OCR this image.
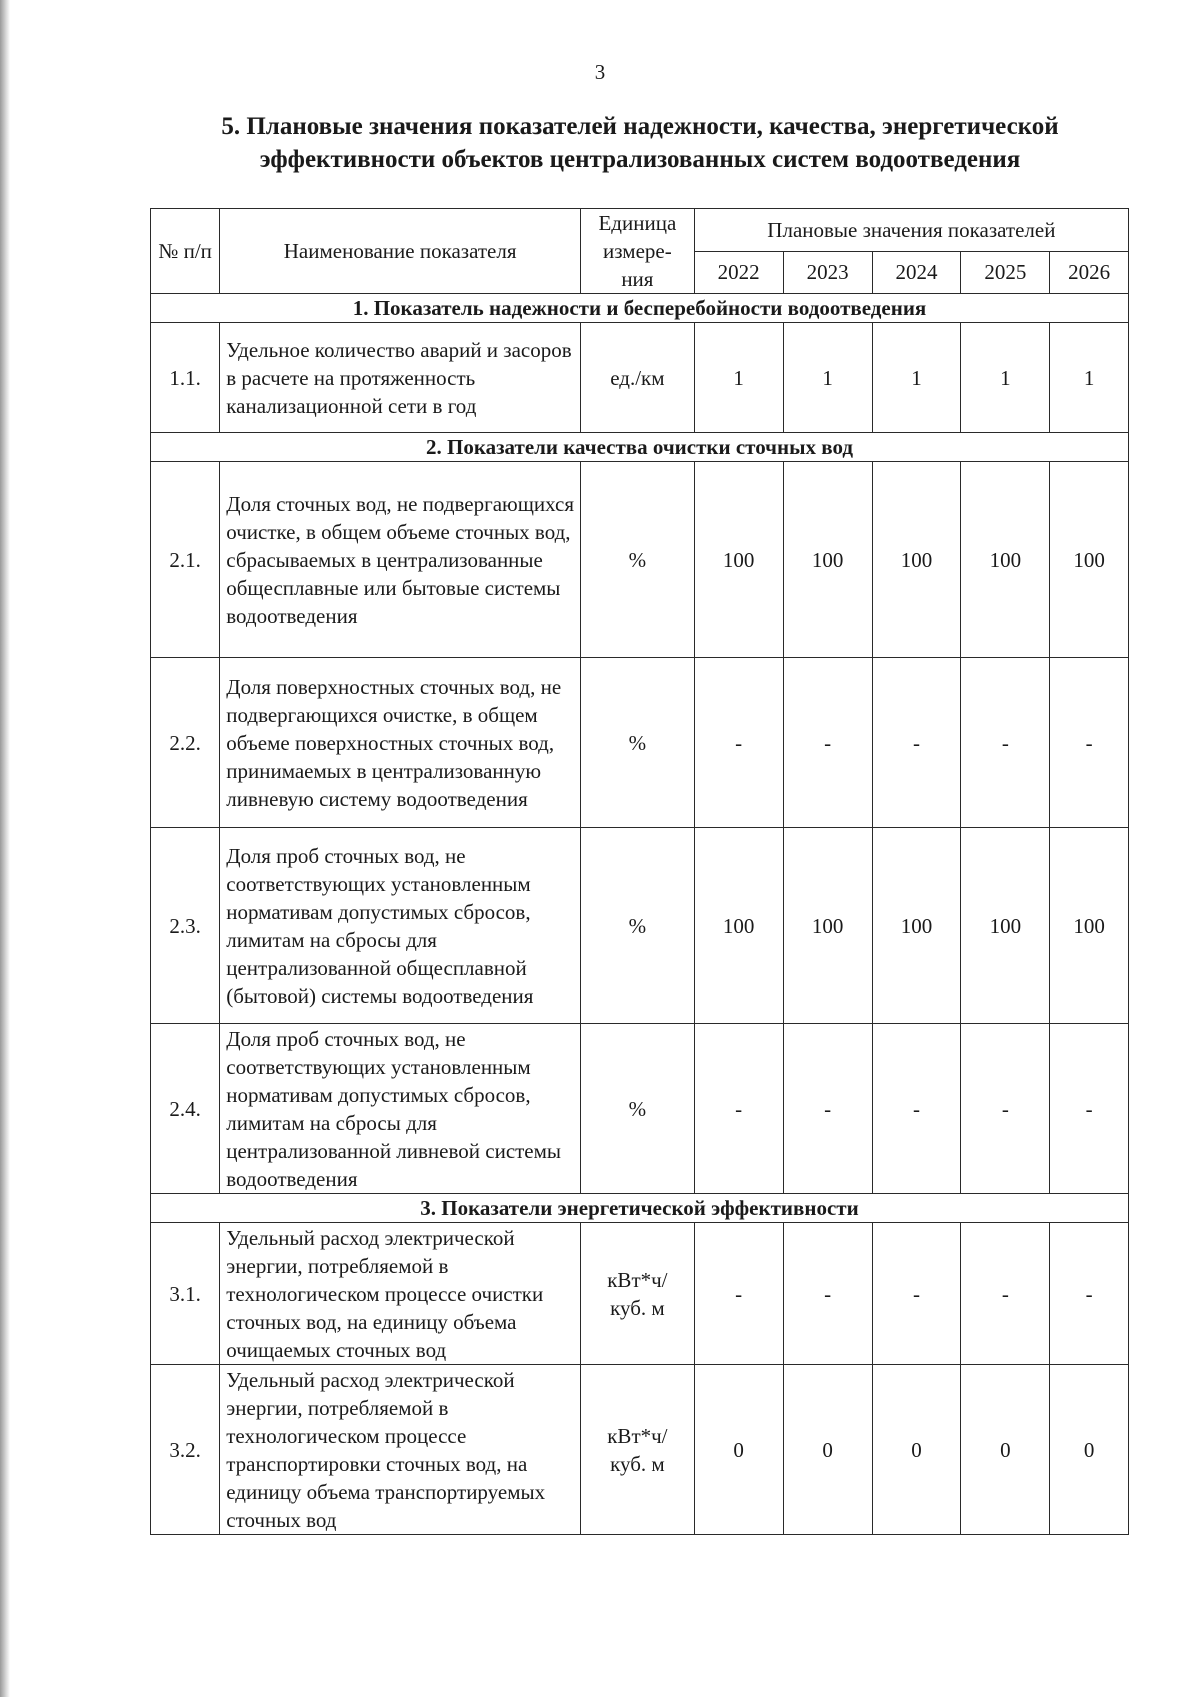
3
5. Плановые значения показателей надежности, качества, энергетической
эффективности объектов централизованных систем водоотведения
№ п/п	Наименование показателя	Единица измере-ния	Плановые значения показателей				
			2022	2023	2024	2025	2026
1. Показатель надежности и бесперебойности водоотведения							
1.1.	Удельное количество аварий и засоров в расчете на протяженность канализационной сети в год	ед./км	1	1	1	1	1
2. Показатели качества очистки сточных вод							
2.1.	Доля сточных вод, не подвергающихся очистке, в общем объеме сточных вод, сбрасываемых в централизованные общесплавные или бытовые системы водоотведения	%	100	100	100	100	100
2.2.	Доля поверхностных сточных вод, не подвергающихся очистке, в общем объеме поверхностных сточных вод, принимаемых в централизованную ливневую систему водоотведения	%	-	-	-	-	-
2.3.	Доля проб сточных вод, не соответствующих установленным нормативам допустимых сбросов, лимитам на сбросы для централизованной общесплавной (бытовой) системы водоотведения	%	100	100	100	100	100
2.4.	Доля проб сточных вод, не соответствующих установленным нормативам допустимых сбросов, лимитам на сбросы для централизованной ливневой системы водоотведения	%	-	-	-	-	-
3. Показатели энергетической эффективности							
3.1.	Удельный расход электрической энергии, потребляемой в технологическом процессе очистки сточных вод, на единицу объема очищаемых сточных вод	кВт*ч/ куб. м	-	-	-	-	-
3.2.	Удельный расход электрической энергии, потребляемой в технологическом процессе транспортировки сточных вод, на единицу объема транспортируемых сточных вод	кВт*ч/ куб. м	0	0	0	0	0
